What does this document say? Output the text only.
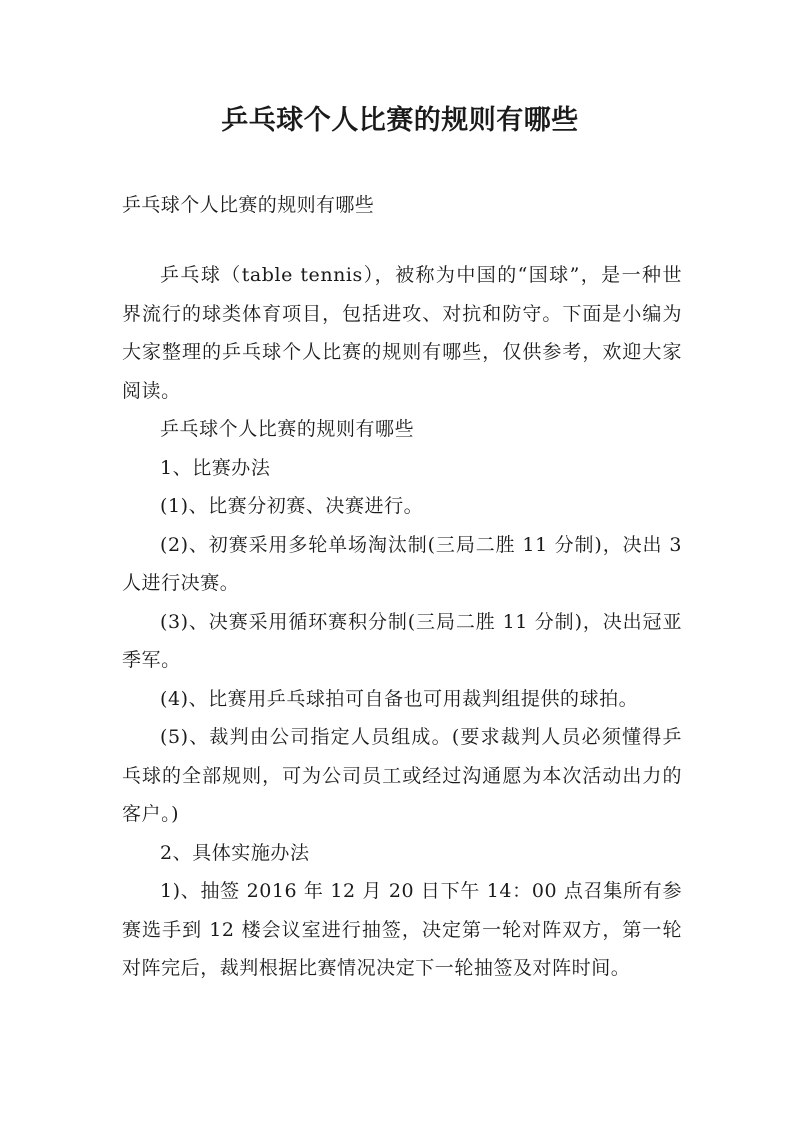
乒乓球个人比赛的规则有哪些
乒乓球个人比赛的规则有哪些

乒乓球（table tennis），被称为中国的“国球”，是一种世界流行的球类体育项目，包括进攻、对抗和防守。下面是小编为大家整理的乒乓球个人比赛的规则有哪些，仅供参考，欢迎大家阅读。

乒乓球个人比赛的规则有哪些

1、比赛办法

(1)、比赛分初赛、决赛进行。

(2)、初赛采用多轮单场淘汰制(三局二胜 11 分制)，决出 3 人进行决赛。

(3)、决赛采用循环赛积分制(三局二胜 11 分制)，决出冠亚季军。

(4)、比赛用乒乓球拍可自备也可用裁判组提供的球拍。

(5)、裁判由公司指定人员组成。(要求裁判人员必须懂得乒乓球的全部规则，可为公司员工或经过沟通愿为本次活动出力的客户。)

2、具体实施办法

1)、抽签 2016 年 12 月 20 日下午 14：00 点召集所有参赛选手到 12 楼会议室进行抽签，决定第一轮对阵双方，第一轮对阵完后，裁判根据比赛情况决定下一轮抽签及对阵时间。
